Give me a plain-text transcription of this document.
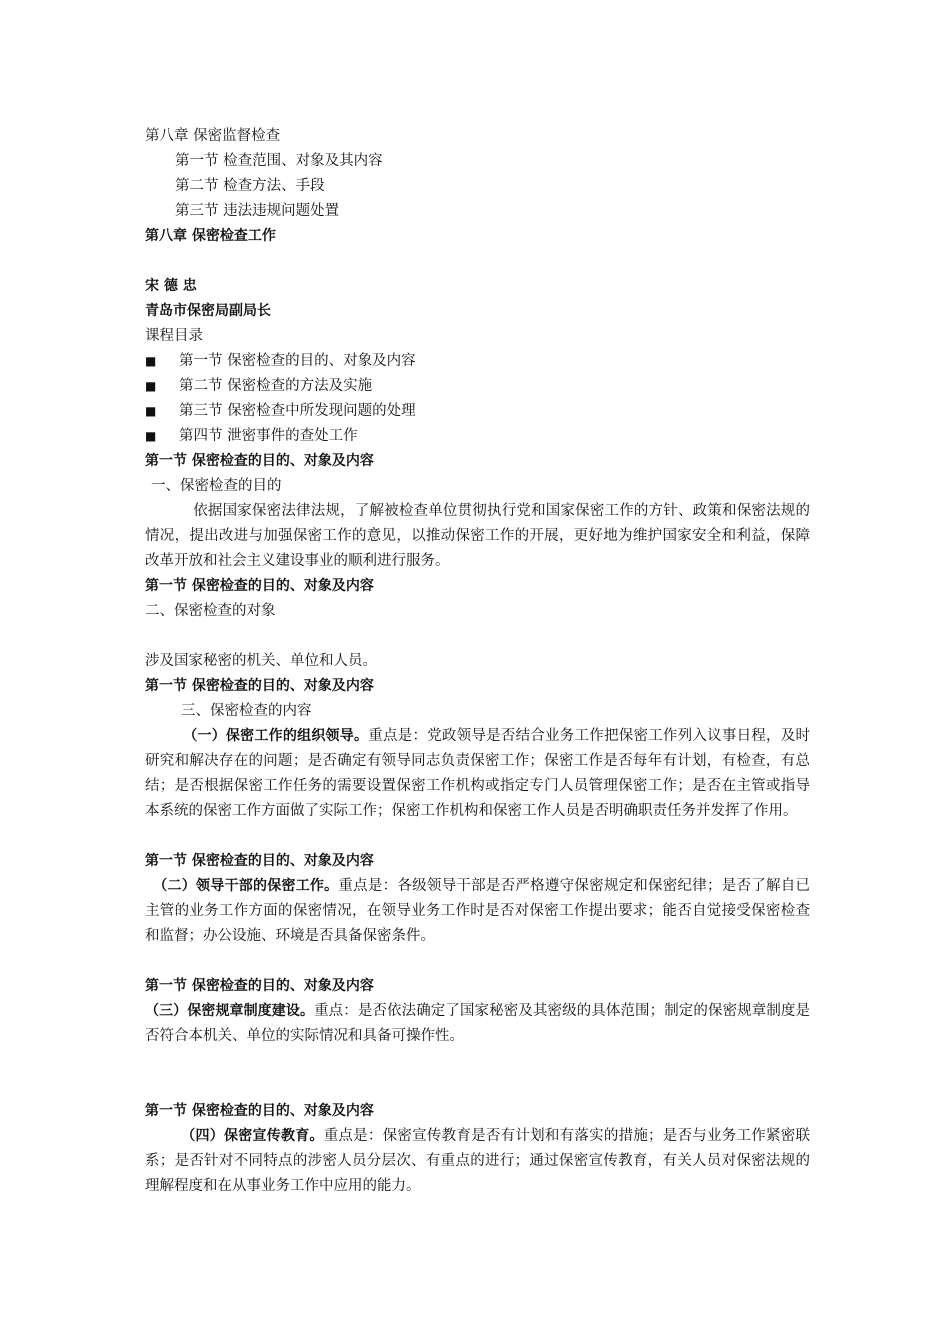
第八章 保密监督检查
第一节 检查范围、对象及其内容
第二节 检查方法、手段
第三节 违法违规问题处置
第八章 保密检查工作
宋 德 忠
青岛市保密局副局长
课程目录
■ 第一节 保密检查的目的、对象及内容
■ 第二节 保密检查的方法及实施
■ 第三节 保密检查中所发现问题的处理
■ 第四节 泄密事件的查处工作
第一节 保密检查的目的、对象及内容
一、保密检查的目的
依据国家保密法律法规，了解被检查单位贯彻执行党和国家保密工作的方针、政策和保密法规的情况，提出改进与加强保密工作的意见，以推动保密工作的开展，更好地为维护国家安全和利益，保障改革开放和社会主义建设事业的顺利进行服务。
第一节 保密检查的目的、对象及内容
二、保密检查的对象
涉及国家秘密的机关、单位和人员。
第一节 保密检查的目的、对象及内容
三、保密检查的内容
（一）保密工作的组织领导。重点是：党政领导是否结合业务工作把保密工作列入议事日程，及时研究和解决存在的问题；是否确定有领导同志负责保密工作；保密工作是否每年有计划，有检查，有总结；是否根据保密工作任务的需要设置保密工作机构或指定专门人员管理保密工作；是否在主管或指导本系统的保密工作方面做了实际工作；保密工作机构和保密工作人员是否明确职责任务并发挥了作用。
第一节 保密检查的目的、对象及内容
（二）领导干部的保密工作。重点是：各级领导干部是否严格遵守保密规定和保密纪律；是否了解自已主管的业务工作方面的保密情况，在领导业务工作时是否对保密工作提出要求；能否自觉接受保密检查和监督；办公设施、环境是否具备保密条件。
第一节 保密检查的目的、对象及内容
（三）保密规章制度建设。重点：是否依法确定了国家秘密及其密级的具体范围；制定的保密规章制度是否符合本机关、单位的实际情况和具备可操作性。
第一节 保密检查的目的、对象及内容
（四）保密宣传教育。重点是：保密宣传教育是否有计划和有落实的措施；是否与业务工作紧密联系；是否针对不同特点的涉密人员分层次、有重点的进行；通过保密宣传教育，有关人员对保密法规的理解程度和在从事业务工作中应用的能力。
